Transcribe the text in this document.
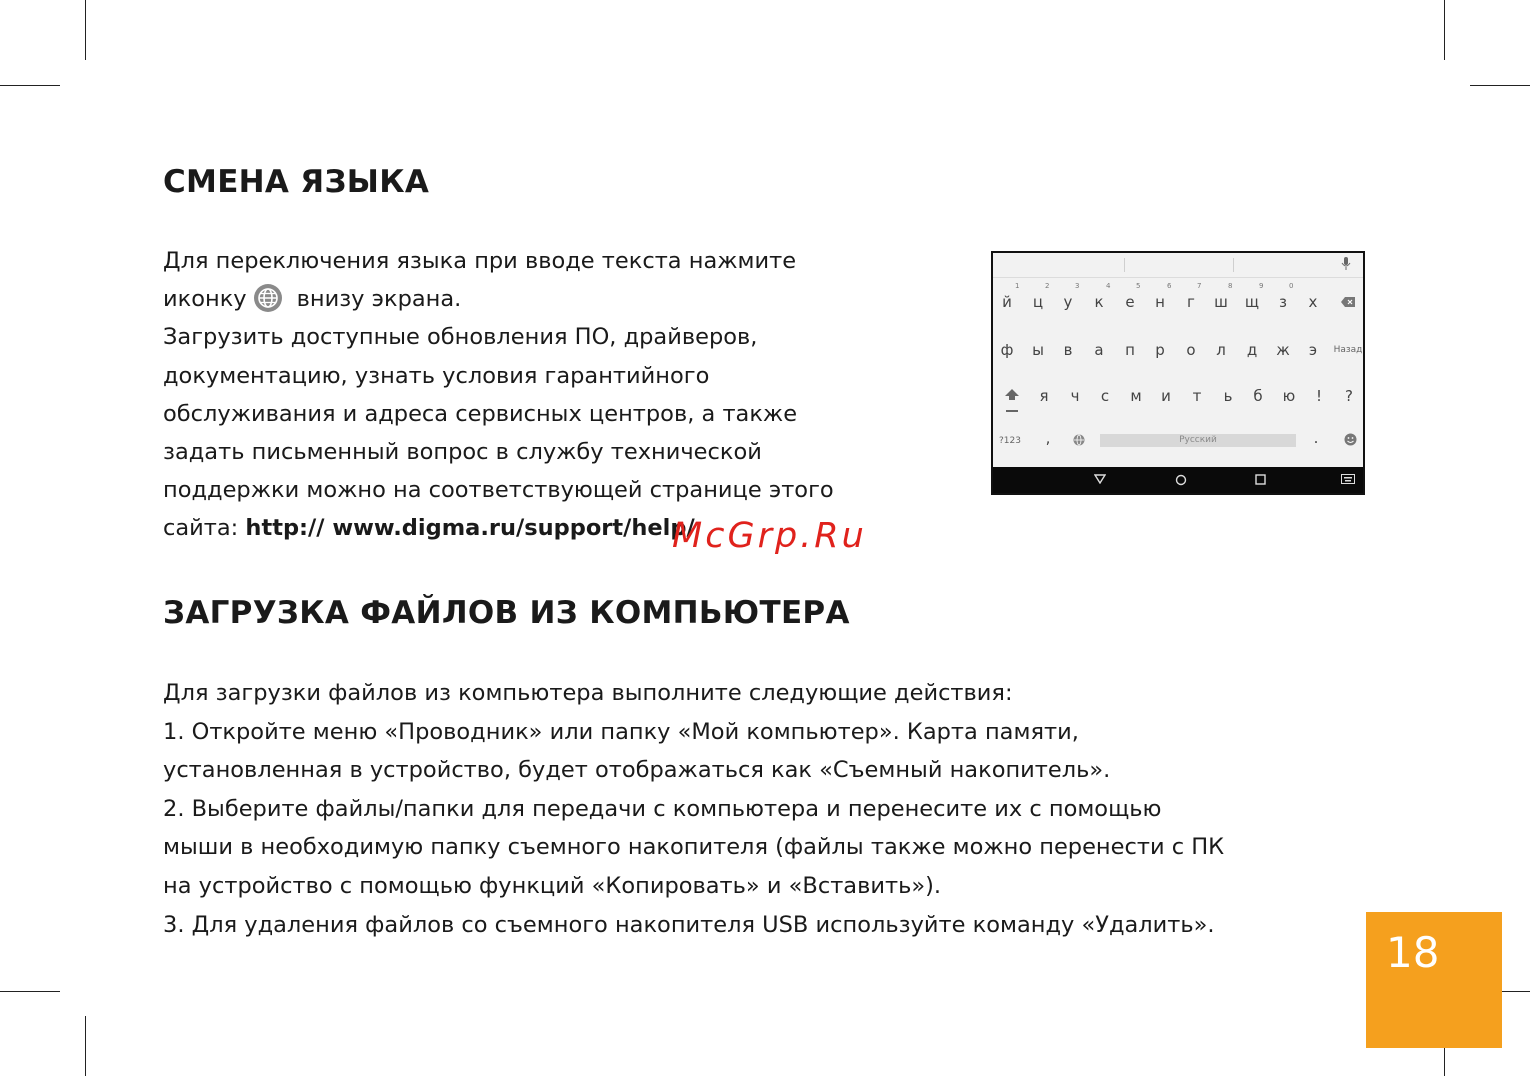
СМЕНА ЯЗЫКА
Для переключения языка при вводе текста нажмите
иконку внизу экрана.
Загрузить доступные обновления ПО, драйверов,
документацию, узнать условия гарантийного
обслуживания и адреса сервисных центров, а также
задать письменный вопрос в службу технической
поддержки можно на соответствующей странице этого
сайта: http:// www.digma.ru/support/help/
McGrp.Ru
1	2	3	4	5	6	7	8	9	0
й	ц	у	к	е	н	г	ш	щ	з	х
ф	ы	в	а	п	р	о	л	д	ж	э	Назад
я	ч	с	м	и	т	ь	б	ю	!	?
?123	,	Русский	.
ЗАГРУЗКА ФАЙЛОВ ИЗ КОМПЬЮТЕРА
Для загрузки файлов из компьютера выполните следующие действия:
1. Откройте меню «Проводник» или папку «Мой компьютер». Карта памяти,
установленная в устройство, будет отображаться как «Съемный накопитель».
2. Выберите файлы/папки для передачи с компьютера и перенесите их с помощью
мыши в необходимую папку съемного накопителя (файлы также можно перенести с ПК
на устройство с помощью функций «Копировать» и «Вставить»).
3. Для удаления файлов со съемного накопителя USB используйте команду «Удалить».
18
